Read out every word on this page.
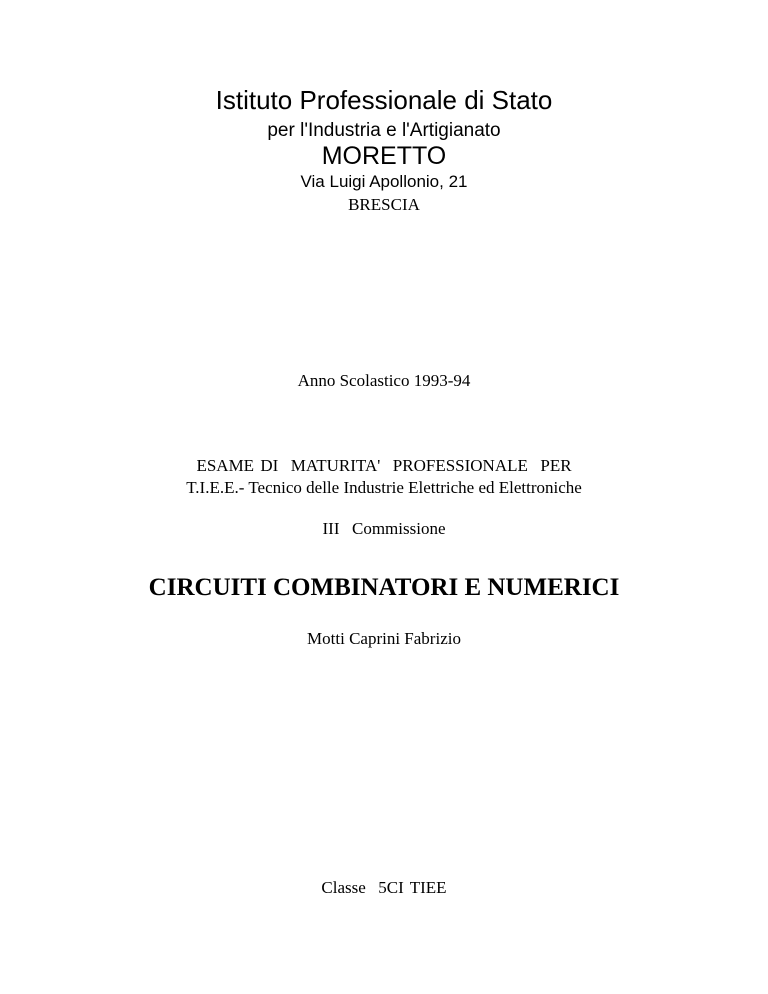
Istituto Professionale di Stato

per l'Industria e l'Artigianato

MORETTO

Via Luigi Apollonio, 21

BRESCIA

Anno Scolastico 1993-94

ESAME DI  MATURITA'  PROFESSIONALE  PER

T.I.E.E.- Tecnico delle Industrie Elettriche ed Elettroniche

III  Commissione

CIRCUITI COMBINATORI E NUMERICI

Motti Caprini Fabrizio

Classe  5CI TIEE
